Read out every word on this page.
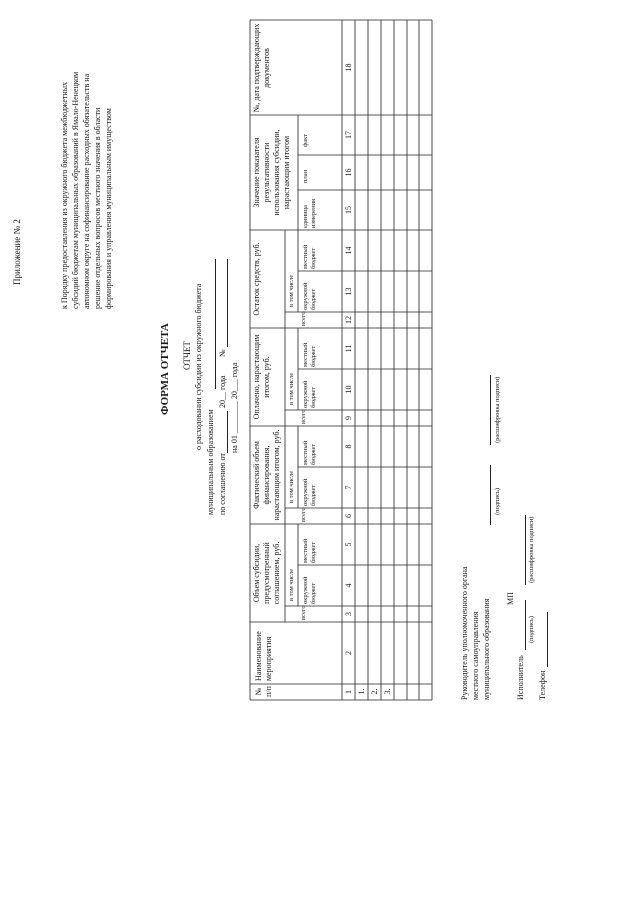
Приложение № 2	к Порядку предоставления из окружного бюджета межбюджетных субсидий бюджетам муниципальных образований в Ямало-Ненецком автономном округе на софинансирование расходных обязательств на решение отдельных вопросов местного значения в области формирования и управления муниципальным имуществом
ФОРМА ОТЧЕТА ОТЧЕТ о расходовании субсидии из окружного бюджета
муниципальным образованием по соглашению от
20__ года
№
на 01 ________ 20___ года
№ п/п
Наименование мероприятия
Объем субсидии, предусмотренный соглашением, руб.
Фактический объем финансирования, нарастающим итогом, руб.
Оплачено, нарастающим итогом, руб.
Остаток средств, руб.
Значение показателя результативности использования субсидии, нарастающим итогом
№, дата подтверждающих документов
всего
в том числе окружной бюджет
местный бюджет
всего
в том числе окружной бюджет
местный бюджет
всего
в том числе окружной бюджет
местный бюджет
всего
в том числе окружной бюджет
местный бюджет
единица измерения
план
факт
1
2
3
4
5
6
7
8
9
10
11
12
13
14
15
16
17
18
1. 2. 3.	Руководитель уполномоченного органа местного самоуправления муниципального образования
(подпись)
(расшифровка подписи)
МП
Исполнитель
(подпись)
(расшифровка подписи)
Телефон
